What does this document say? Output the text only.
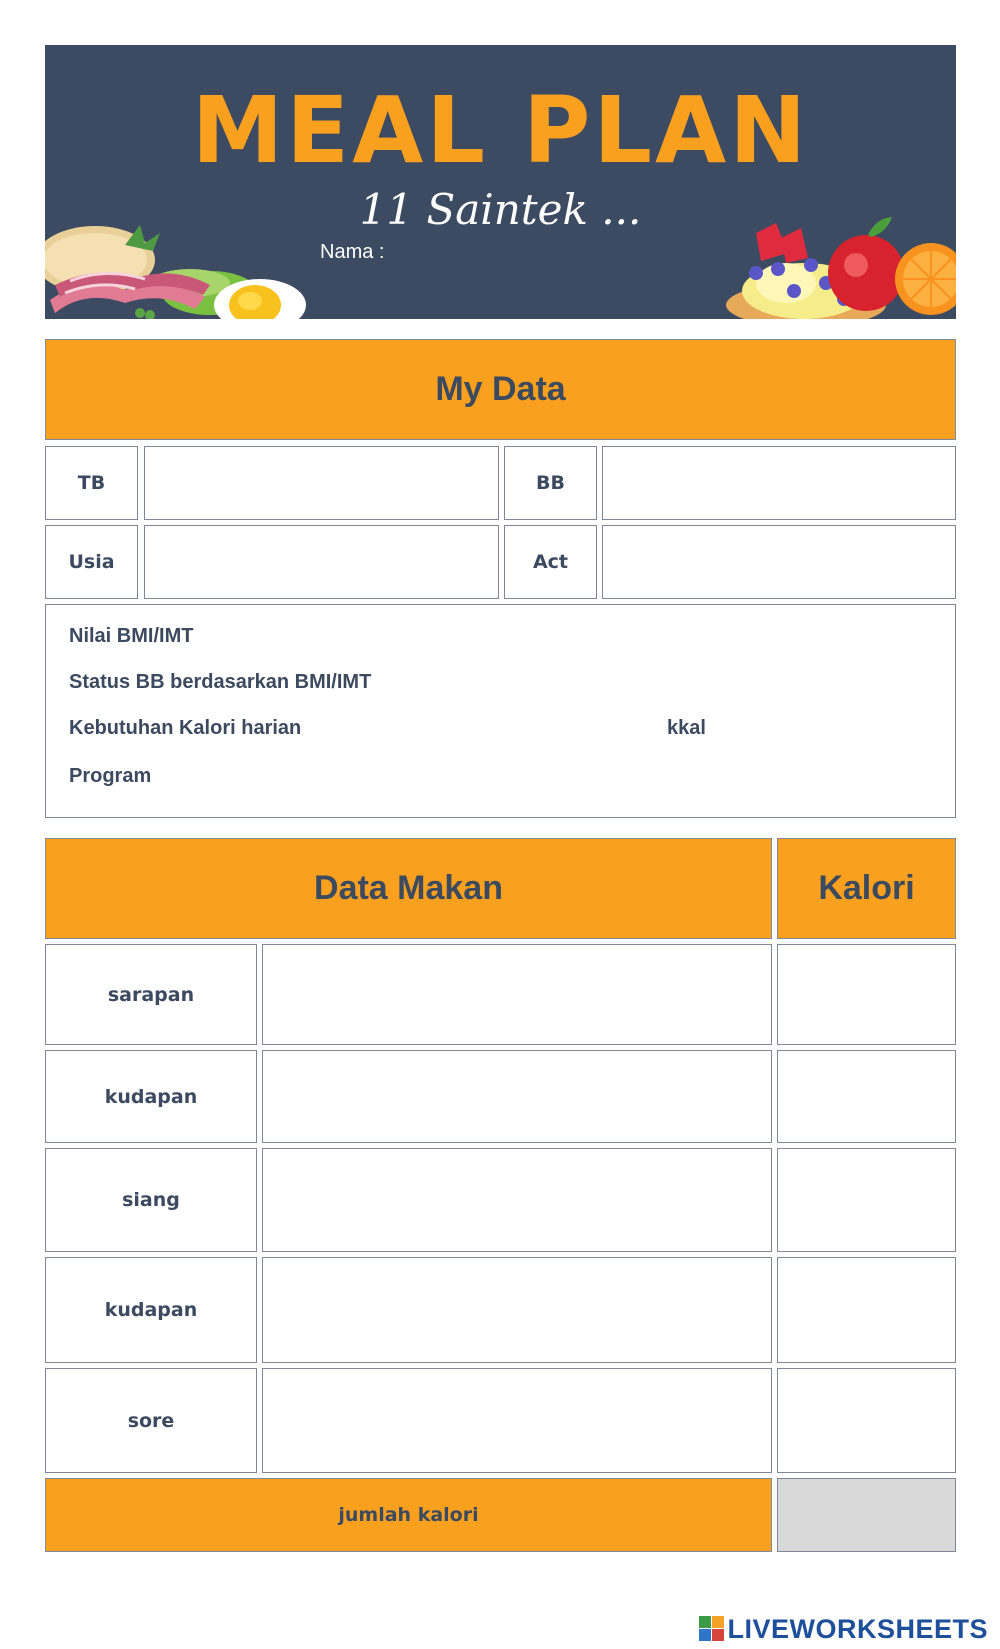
MEAL PLAN
11 Saintek ...
Nama :
My Data
TB	BB
Usia	Act
Nilai BMI/IMT
Status BB berdasarkan BMI/IMT
Kebutuhan Kalori harian	kkal
Program
Data Makan	Kalori
sarapan
kudapan
siang
kudapan
sore
jumlah kalori
LIVEWORKSHEETS
